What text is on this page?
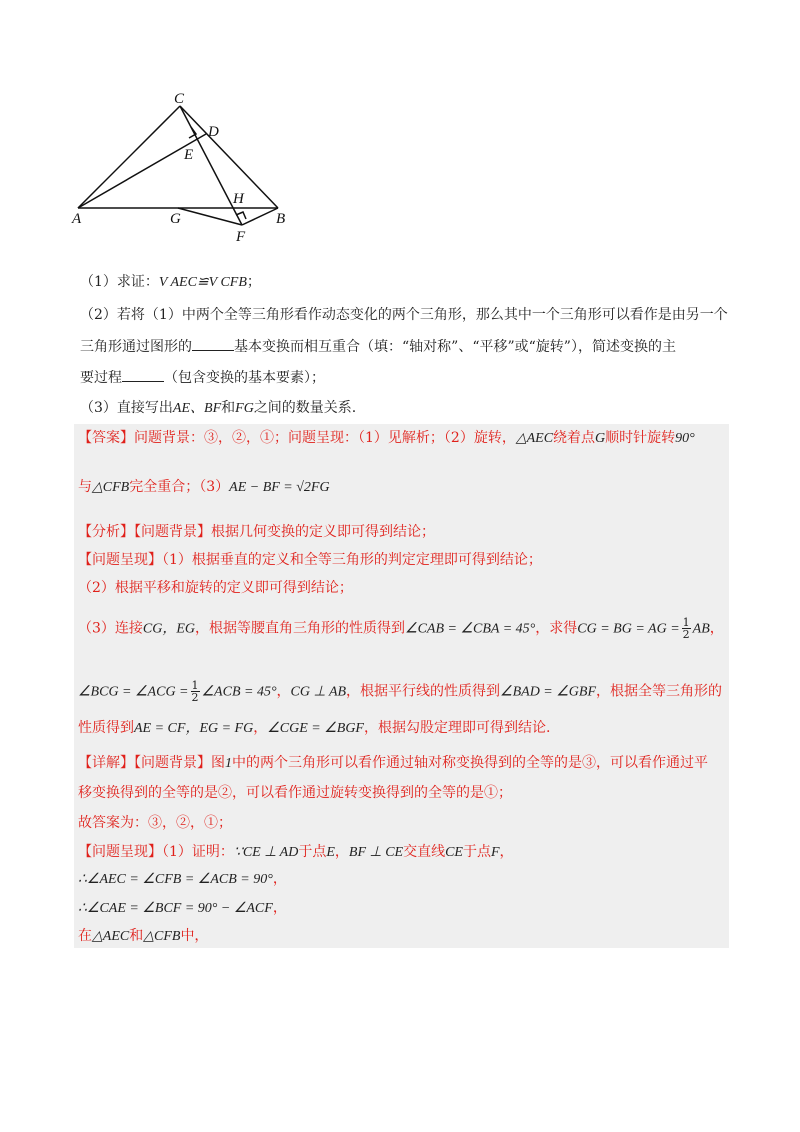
C
D
E
A	G
H
B
F
（1）求证：V AEC≌V CFB；
（2）若将（1）中两个全等三角形看作动态变化的两个三角形，那么其中一个三角形可以看作是由另一个
三角形通过图形的	基本变换而相互重合（填：“轴对称”、“平移”或“旋转”），简述变换的主
要过程	（包含变换的基本要素）；
（3）直接写出AE、BF和FG之间的数量关系.
【答案】问题背景：③，②，①；问题呈现：（1）见解析；（2）旋转，△AEC绕着点G顺时针旋转90°
与△CFB完全重合；（3）AE − BF = √2FG
【分析】【问题背景】根据几何变换的定义即可得到结论；
【问题呈现】（1）根据垂直的定义和全等三角形的判定定理即可得到结论；
（2）根据平移和旋转的定义即可得到结论；
（3）连接CG，EG，根据等腰直角三角形的性质得到∠CAB = ∠CBA = 45°，求得CG = BG = AG = $\frac{1}{2}$ AB，
∠BCG = ∠ACG = $\frac{1}{2}$ ∠ACB = 45°，CG ⊥ AB，根据平行线的性质得到∠BAD = ∠GBF，根据全等三角形的
性质得到AE = CF，EG = FG，∠CGE = ∠BGF，根据勾股定理即可得到结论.
【详解】【问题背景】图1中的两个三角形可以看作通过轴对称变换得到的全等的是③，可以看作通过平
移变换得到的全等的是②，可以看作通过旋转变换得到的全等的是①；
故答案为：③，②，①；
【问题呈现】（1）证明：∵CE ⊥ AD于点E，BF ⊥ CE交直线CE于点F，
∴∠AEC = ∠CFB = ∠ACB = 90°，
∴∠CAE = ∠BCF = 90° − ∠ACF，
在△AEC和△CFB中，
